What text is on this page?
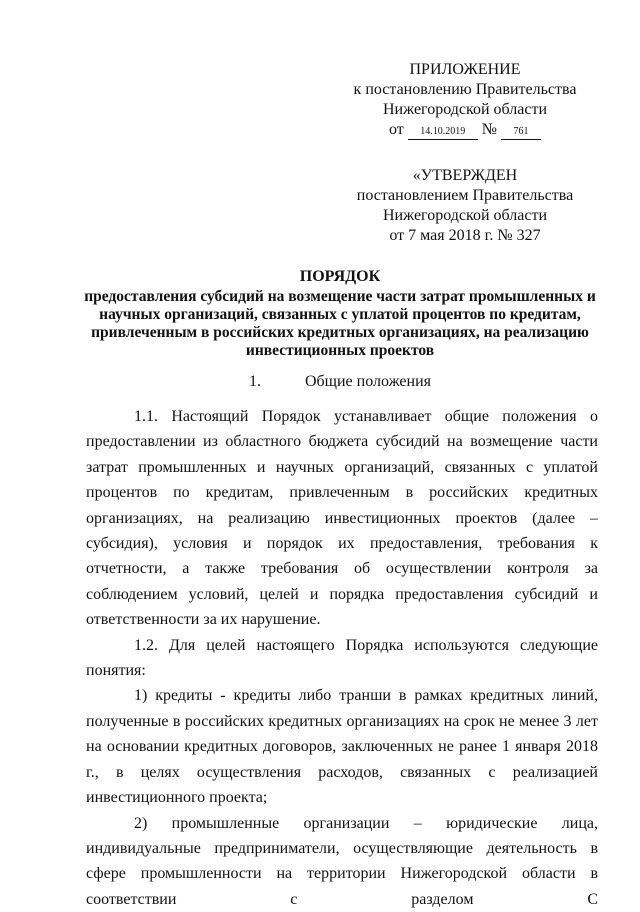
ПРИЛОЖЕНИЕ
к постановлению Правительства
Нижегородской области
от 14.10.2019 № 761
«УТВЕРЖДЕН
постановлением Правительства
Нижегородской области
от 7 мая 2018 г. № 327
ПОРЯДОК
предоставления субсидий на возмещение части затрат промышленных и научных организаций, связанных с уплатой процентов по кредитам, привлеченным в российских кредитных организациях, на реализацию инвестиционных проектов
1.	Общие положения

1.1. Настоящий Порядок устанавливает общие положения о предоставлении из областного бюджета субсидий на возмещение части затрат промышленных и научных организаций, связанных с уплатой процентов по кредитам, привлеченным в российских кредитных организациях, на реализацию инвестиционных проектов (далее – субсидия), условия и порядок их предоставления, требования к отчетности, а также требования об осуществлении контроля за соблюдением условий, целей и порядка предоставления субсидий и ответственности за их нарушение.

1.2. Для целей настоящего Порядка используются следующие понятия:

1) кредиты - кредиты либо транши в рамках кредитных линий, полученные в российских кредитных организациях на срок не менее 3 лет на основании кредитных договоров, заключенных не ранее 1 января 2018 г., в целях осуществления расходов, связанных с реализацией инвестиционного проекта;

2) промышленные организации – юридические лица, индивидуальные предприниматели, осуществляющие деятельность в сфере промышленности на территории Нижегородской области в соответствии с разделом С
